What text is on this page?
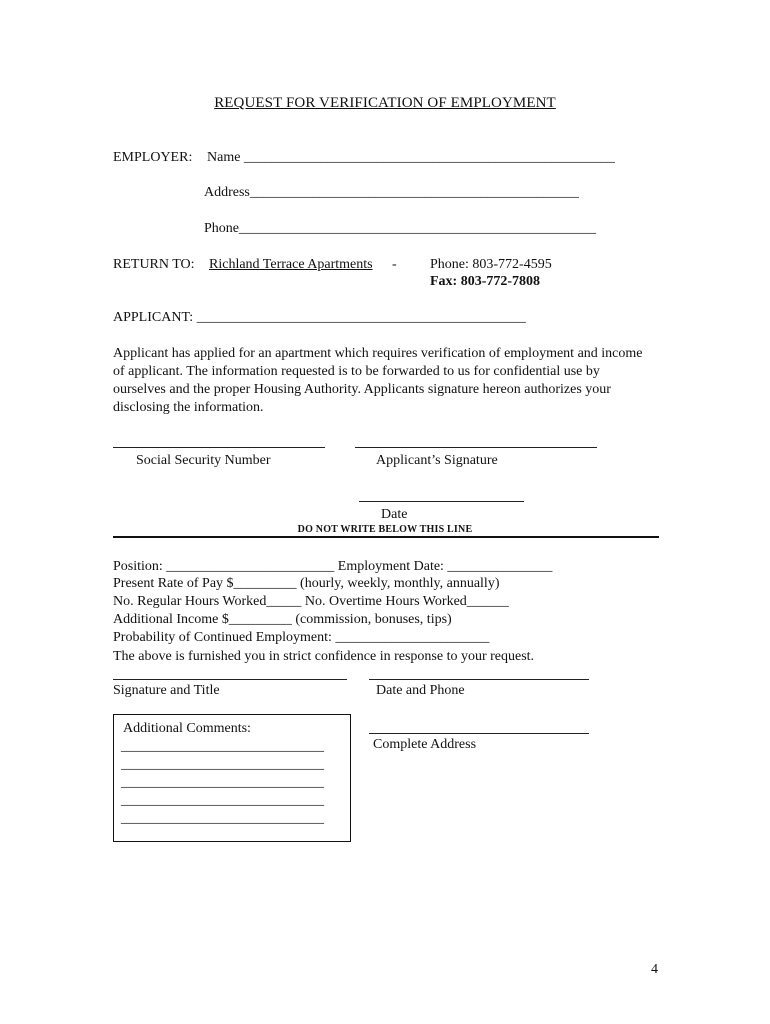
REQUEST FOR VERIFICATION OF EMPLOYMENT
EMPLOYER: Name _____________________________________________________
Address_______________________________________________
Phone___________________________________________________
RETURN TO: Richland Terrace Apartments - Phone: 803-772-4595
Fax: 803-772-7808
APPLICANT: _______________________________________________
Applicant has applied for an apartment which requires verification of employment and income of applicant. The information requested is to be forwarded to us for confidential use by ourselves and the proper Housing Authority. Applicants signature hereon authorizes your disclosing the information.
Social Security Number	Applicant’s Signature
Date
DO NOT WRITE BELOW THIS LINE
Position: ________________________ Employment Date: _______________
Present Rate of Pay $_________ (hourly, weekly, monthly, annually)
No. Regular Hours Worked_____ No. Overtime Hours Worked______
Additional Income $_________ (commission, bonuses, tips)
Probability of Continued Employment: ______________________
The above is furnished you in strict confidence in response to your request.
Signature and Title	Date and Phone
Additional Comments:
_____________________________
_____________________________
_____________________________
_____________________________
_____________________________
Complete Address
4
